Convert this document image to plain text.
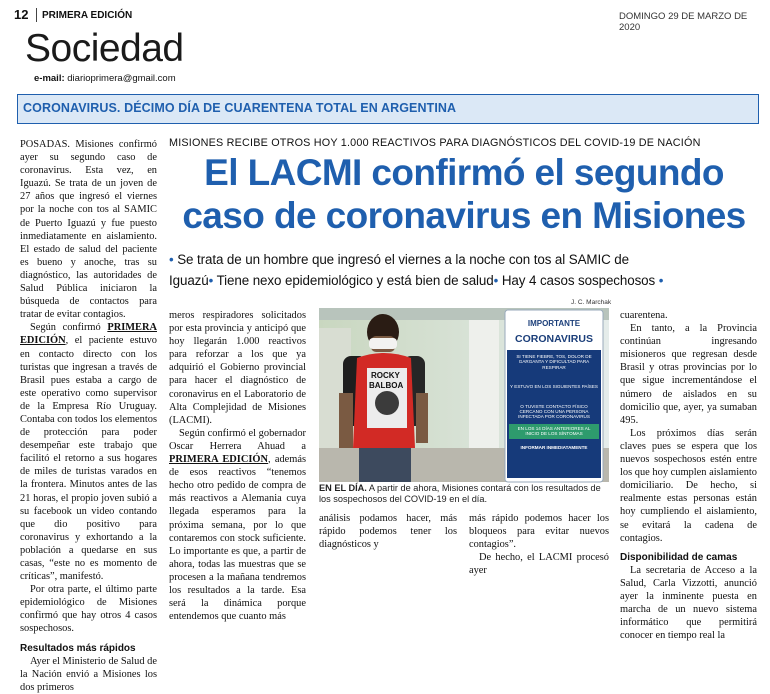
12 PRIMERA EDICIÓN	DOMINGO 29 DE MARZO DE 2020
Sociedad
e-mail: diarioprimera@gmail.com
CORONAVIRUS. DÉCIMO DÍA DE CUARENTENA TOTAL EN ARGENTINA

POSADAS. Misiones confirmó ayer su segundo caso de coronavirus. Esta vez, en Iguazú. Se trata de un joven de 27 años que ingresó el viernes por la noche con tos al SAMIC de Puerto Iguazú y fue puesto inmediatamente en aislamiento. El estado de salud del paciente es bueno y anoche, tras su diagnóstico, las autoridades de Salud Pública iniciaron la búsqueda de contactos para tratar de evitar contagios.

Según confirmó PRIMERA EDICIÓN, el paciente estuvo en contacto directo con los turistas que ingresan a través de Brasil pues estaba a cargo de este operativo como supervisor de la Empresa Río Uruguay. Contaba con todos los elementos de protección para poder desempeñar este trabajo que facilitó el retorno a sus hogares de miles de turistas varados en la frontera. Minutos antes de las 21 horas, el propio joven subió a su facebook un video contando que dio positivo para coronavirus y exhortando a la población a quedarse en sus casas, “este no es momento de críticas”, manifestó.

Por otra parte, el último parte epidemiológico de Misiones confirmó que hay otros 4 casos sospechosos.

Resultados más rápidos

Ayer el Ministerio de Salud de la Nación envió a Misiones los dos primeros

MISIONES RECIBE OTROS HOY 1.000 REACTIVOS PARA DIAGNÓSTICOS DEL COVID-19 DE NACIÓN
El LACMI confirmó el segundo
caso de coronavirus en Misiones
• Se trata de un hombre que ingresó el viernes a la noche con tos al SAMIC de
Iguazú• Tiene nexo epidemiológico y está bien de salud• Hay 4 casos sospechosos •

meros respiradores solicitados por esta provincia y anticipó que hoy llegarán 1.000 reactivos para reforzar a los que ya adquirió el Gobierno provincial para hacer el diagnóstico de coronavirus en el Laboratorio de Alta Complejidad de Misiones (LACMI).

Según confirmó el gobernador Oscar Herrera Ahuad a PRIMERA EDICIÓN, además de esos reactivos “tenemos hecho otro pedido de compra de más reactivos a Alemania cuya llegada esperamos para la próxima semana, por lo que contaremos con stock suficiente. Lo importante es que, a partir de ahora, todas las muestras que se procesen a la mañana tendremos los resultados a la tarde. Esa será la dinámica porque entendemos que cuanto más

J. C. Marchak
ROCKY
BALBOA
IMPORTANTE
CORONAVIRUS
SI TIENE FIEBRE, TOS, DOLOR DE GARGANTA Y DIFICULTAD PARA RESPIRAR
Y ESTUVO EN LOS SIGUIENTES PAÍSES
O TUVISTE CONTACTO FÍSICO CERCANO CON UNA PERSONA INFECTADA POR CORONAVIRUS
EN LOS 14 DÍAS ANTERIORES AL INICIO DE LOS SÍNTOMAS
INFORMAR INMEDIATAMENTE
EN EL DÍA. A partir de ahora, Misiones contará con los resultados de los sospechosos del COVID-19 en el día.

análisis podamos hacer, más rápido podemos tener los diagnósticos y

más rápido podemos hacer los bloqueos para evitar nuevos contagios”.

De hecho, el LACMI procesó ayer

cuarentena.

En tanto, a la Provincia continúan ingresando misioneros que regresan desde Brasil y otras provincias por lo que sigue incrementándose el número de aislados en su domicilio que, ayer, ya sumaban 495.

Los próximos días serán claves pues se espera que los nuevos sospechosos estén entre los que hoy cumplen aislamiento domiciliario. De hecho, si realmente estas personas están hoy cumpliendo el aislamiento, se evitará la cadena de contagios.

Disponibilidad de camas

La secretaria de Acceso a la Salud, Carla Vizzotti, anunció ayer la inminente puesta en marcha de un nuevo sistema informático que permitirá conocer en tiempo real la
